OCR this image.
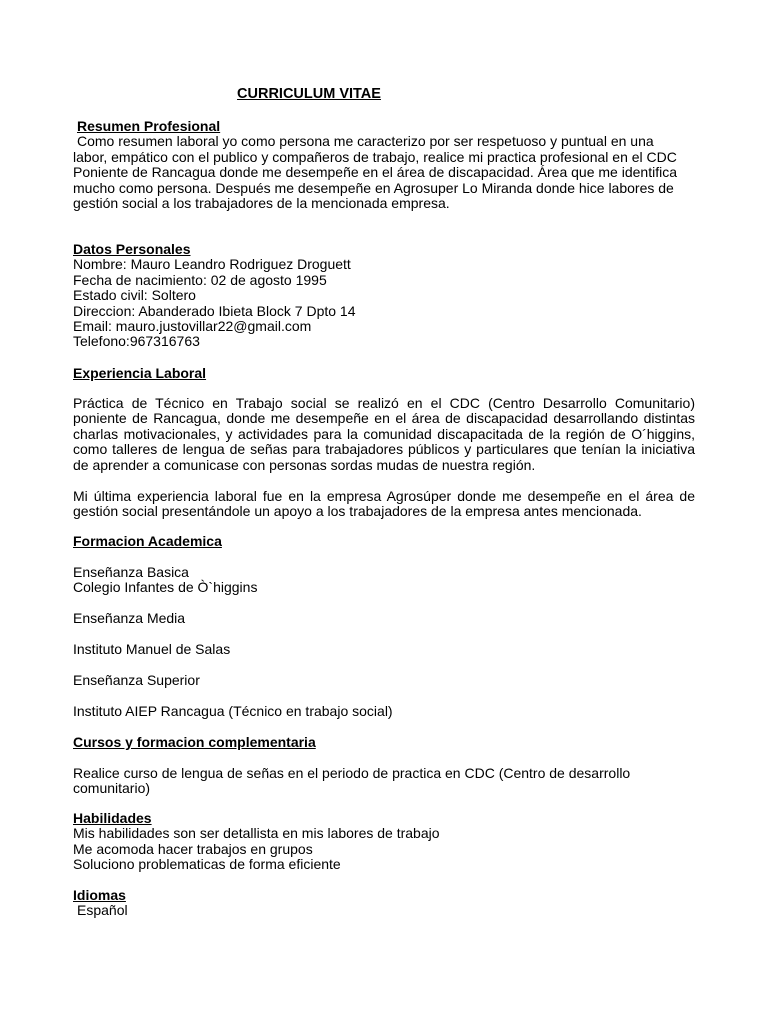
CURRICULUM VITAE
Resumen Profesional
Como resumen laboral yo como persona me caracterizo por ser respetuoso y puntual en una
labor, empático con el publico y compañeros de trabajo, realice mi practica profesional en el CDC
Poniente de Rancagua donde me desempeñe en el área de discapacidad. Área que me identifica
mucho como persona. Después me desempeñe en Agrosuper Lo Miranda donde hice labores de
gestión social a los trabajadores de la mencionada empresa.
Datos Personales
Nombre: Mauro Leandro Rodriguez Droguett
Fecha de nacimiento: 02 de agosto 1995
Estado civil: Soltero
Direccion: Abanderado Ibieta Block 7 Dpto 14
Email: mauro.justovillar22@gmail.com
Telefono:967316763
Experiencia Laboral
Práctica de Técnico en Trabajo social se realizó en el CDC (Centro Desarrollo Comunitario) poniente de Rancagua, donde me desempeñe en el área de discapacidad desarrollando distintas charlas motivacionales, y actividades para la comunidad discapacitada de la región de O´higgins, como talleres de lengua de señas para trabajadores públicos y particulares que tenían la iniciativa de aprender a comunicase con personas sordas mudas de nuestra región.
Mi última experiencia laboral fue en la empresa Agrosúper donde me desempeñe en el área de gestión social presentándole un apoyo a los trabajadores de la empresa antes mencionada.
Formacion Academica
Enseñanza Basica
Colegio Infantes de Ò`higgins
Enseñanza Media
Instituto Manuel de Salas
Enseñanza Superior
Instituto AIEP Rancagua (Técnico en trabajo social)
Cursos y formacion complementaria
Realice curso de lengua de señas en el periodo de practica en CDC (Centro de desarrollo
comunitario)
Habilidades
Mis habilidades son ser detallista en mis labores de trabajo
Me acomoda hacer trabajos en grupos
Soluciono problematicas de forma eficiente
Idiomas
Español
